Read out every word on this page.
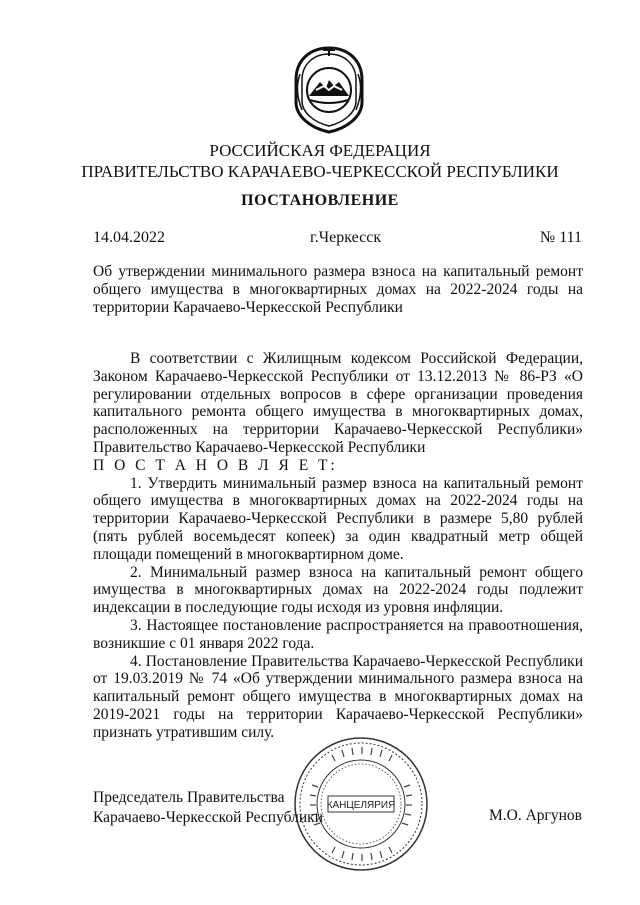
РОССИЙСКАЯ ФЕДЕРАЦИЯ
ПРАВИТЕЛЬСТВО КАРАЧАЕВО-ЧЕРКЕССКОЙ РЕСПУБЛИКИ
ПОСТАНОВЛЕНИЕ
14.04.2022	г.Черкесск	№ 111
Об утверждении минимального размера взноса на капитальный ремонт общего имущества в многоквартирных домах на 2022-2024 годы на территории Карачаево-Черкесской Республики

В соответствии с Жилищным кодексом Российской Федерации, Законом Карачаево-Черкесской Республики от 13.12.2013 № 86-РЗ «О регулировании отдельных вопросов в сфере организации проведения капитального ремонта общего имущества в многоквартирных домах, расположенных на территории Карачаево-Черкесской Республики» Правительство Карачаево-Черкесской Республики

П О С Т А Н О В Л Я Е Т:

1. Утвердить минимальный размер взноса на капитальный ремонт общего имущества в многоквартирных домах на 2022-2024 годы на территории Карачаево-Черкесской Республики в размере 5,80 рублей (пять рублей восемьдесят копеек) за один квадратный метр общей площади помещений в многоквартирном доме.

2. Минимальный размер взноса на капитальный ремонт общего имущества в многоквартирных домах на 2022-2024 годы подлежит индексации в последующие годы исходя из уровня инфляции.

3. Настоящее постановление распространяется на правоотношения, возникшие с 01 января 2022 года.

4. Постановление Правительства Карачаево-Черкесской Республики от 19.03.2019 № 74 «Об утверждении минимального размера взноса на капитальный ремонт общего имущества в многоквартирных домах на 2019-2021 годы на территории Карачаево-Черкесской Республики» признать утратившим силу.

КАНЦЕЛЯРИЯ
Председатель Правительства
Карачаево-Черкесской Республики	М.О. Аргунов
